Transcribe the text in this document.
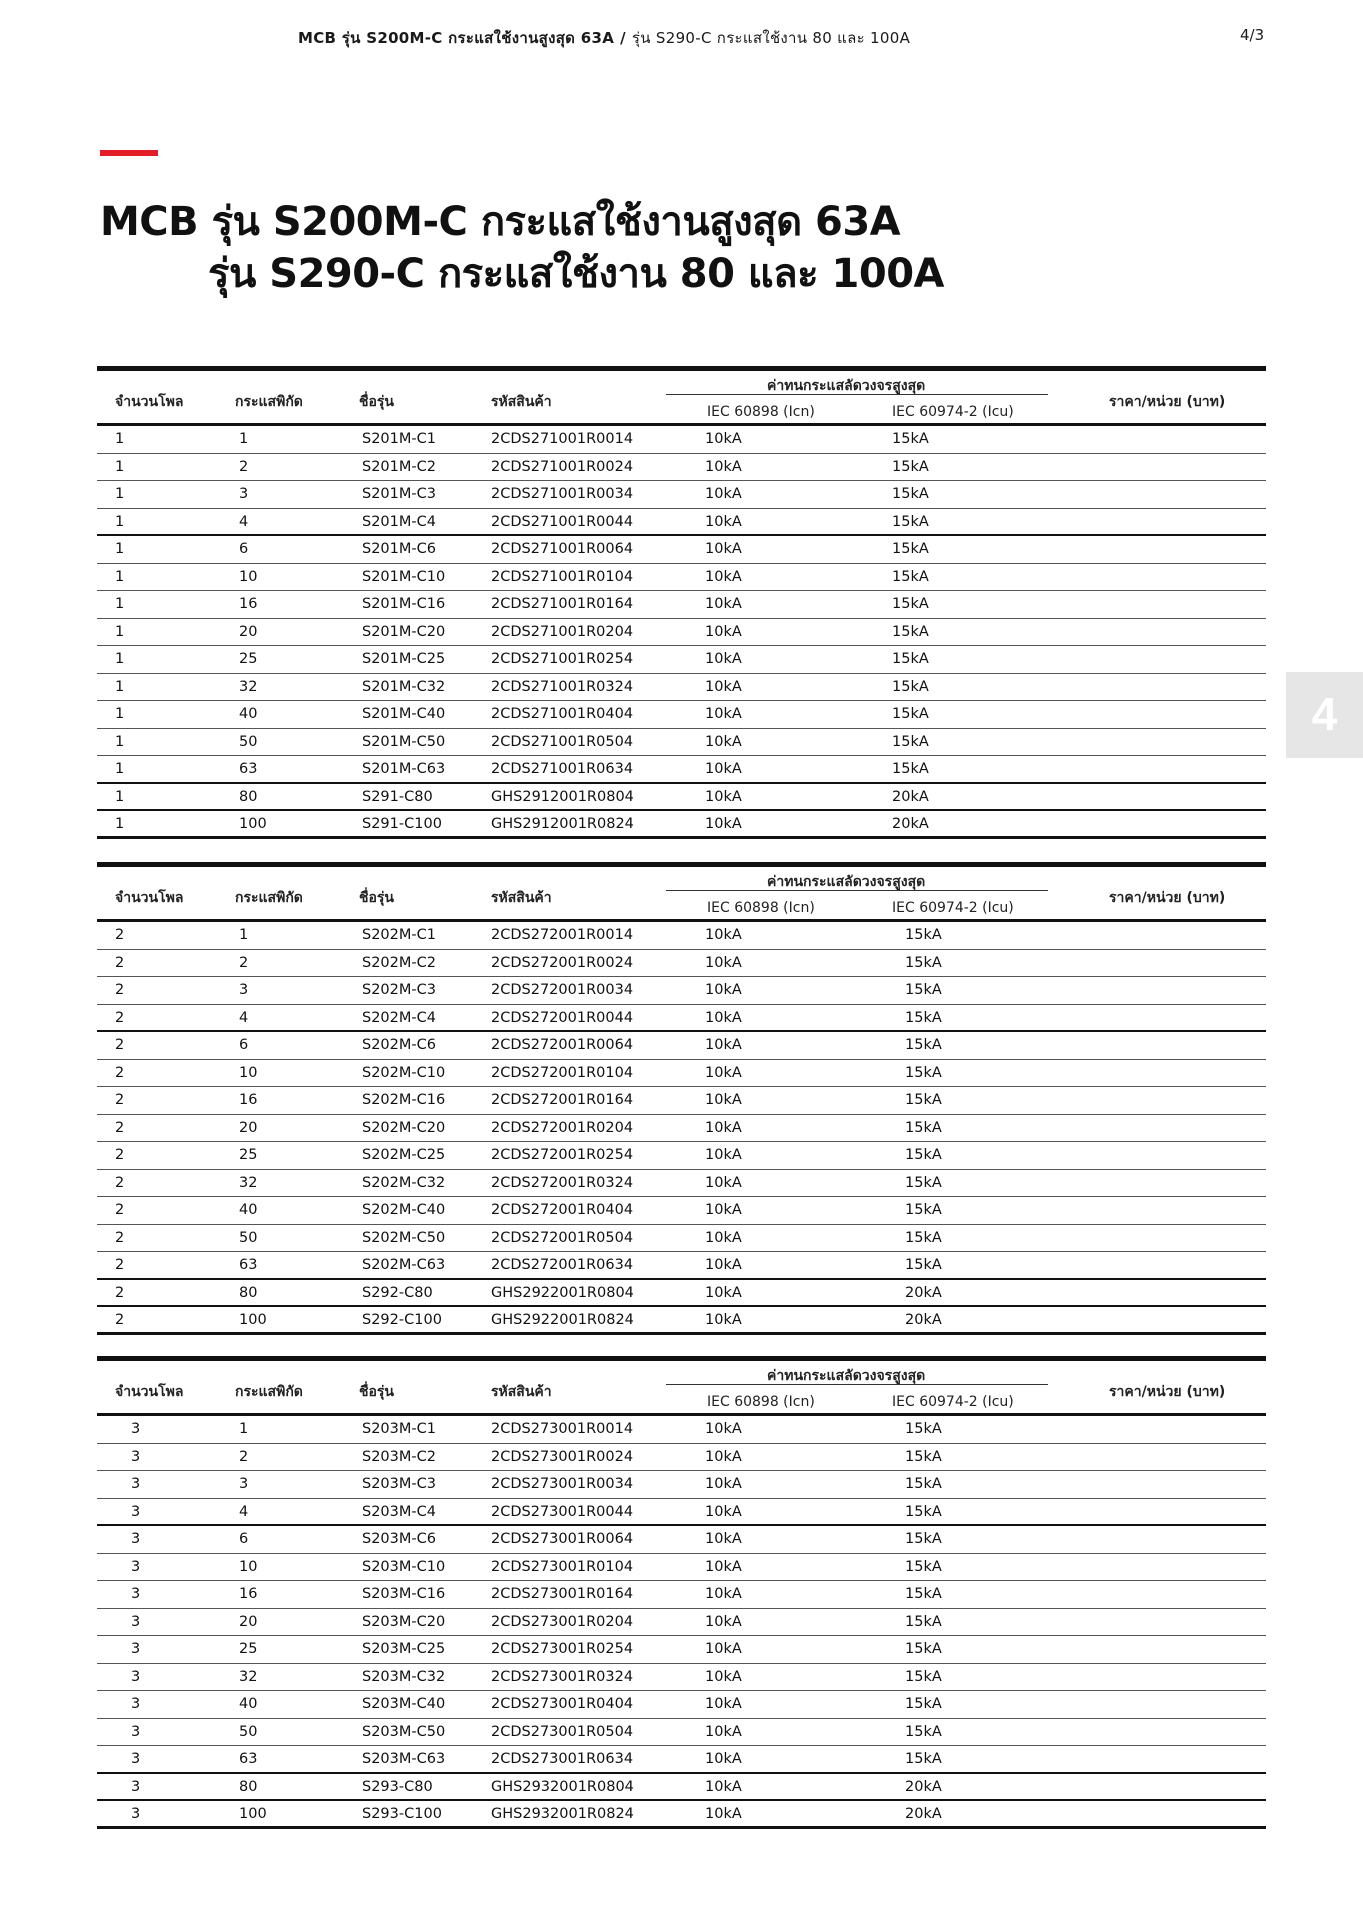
MCB รุ่น S200M-C กระแสใช้งานสูงสุด 63A / รุ่น S290-C กระแสใช้งาน 80 และ 100A	4/3
MCB รุ่น S200M-C กระแสใช้งานสูงสุด 63A
รุ่น S290-C กระแสใช้งาน 80 และ 100A
4
จำนวนโพล	กระแสพิกัด	ชื่อรุ่น	รหัสสินค้า
ค่าทนกระแสลัดวงจรสูงสุด
IEC 60898 (Icn)	IEC 60974-2 (Icu)
ราคา/หน่วย (บาท)
1	1	S201M-C1	2CDS271001R0014	10kA	15kA
1	2	S201M-C2	2CDS271001R0024	10kA	15kA
1	3	S201M-C3	2CDS271001R0034	10kA	15kA
1	4	S201M-C4	2CDS271001R0044	10kA	15kA
1	6	S201M-C6	2CDS271001R0064	10kA	15kA
1	10	S201M-C10	2CDS271001R0104	10kA	15kA
1	16	S201M-C16	2CDS271001R0164	10kA	15kA
1	20	S201M-C20	2CDS271001R0204	10kA	15kA
1	25	S201M-C25	2CDS271001R0254	10kA	15kA
1	32	S201M-C32	2CDS271001R0324	10kA	15kA
1	40	S201M-C40	2CDS271001R0404	10kA	15kA
1	50	S201M-C50	2CDS271001R0504	10kA	15kA
1	63	S201M-C63	2CDS271001R0634	10kA	15kA
1	80	S291-C80	GHS2912001R0804	10kA	20kA
1	100	S291-C100	GHS2912001R0824	10kA	20kA
จำนวนโพล	กระแสพิกัด	ชื่อรุ่น	รหัสสินค้า
ค่าทนกระแสลัดวงจรสูงสุด
IEC 60898 (Icn)	IEC 60974-2 (Icu)
ราคา/หน่วย (บาท)
2	1	S202M-C1	2CDS272001R0014	10kA	15kA
2	2	S202M-C2	2CDS272001R0024	10kA	15kA
2	3	S202M-C3	2CDS272001R0034	10kA	15kA
2	4	S202M-C4	2CDS272001R0044	10kA	15kA
2	6	S202M-C6	2CDS272001R0064	10kA	15kA
2	10	S202M-C10	2CDS272001R0104	10kA	15kA
2	16	S202M-C16	2CDS272001R0164	10kA	15kA
2	20	S202M-C20	2CDS272001R0204	10kA	15kA
2	25	S202M-C25	2CDS272001R0254	10kA	15kA
2	32	S202M-C32	2CDS272001R0324	10kA	15kA
2	40	S202M-C40	2CDS272001R0404	10kA	15kA
2	50	S202M-C50	2CDS272001R0504	10kA	15kA
2	63	S202M-C63	2CDS272001R0634	10kA	15kA
2	80	S292-C80	GHS2922001R0804	10kA	20kA
2	100	S292-C100	GHS2922001R0824	10kA	20kA
จำนวนโพล	กระแสพิกัด	ชื่อรุ่น	รหัสสินค้า
ค่าทนกระแสลัดวงจรสูงสุด
IEC 60898 (Icn)	IEC 60974-2 (Icu)
ราคา/หน่วย (บาท)
3	1	S203M-C1	2CDS273001R0014	10kA	15kA
3	2	S203M-C2	2CDS273001R0024	10kA	15kA
3	3	S203M-C3	2CDS273001R0034	10kA	15kA
3	4	S203M-C4	2CDS273001R0044	10kA	15kA
3	6	S203M-C6	2CDS273001R0064	10kA	15kA
3	10	S203M-C10	2CDS273001R0104	10kA	15kA
3	16	S203M-C16	2CDS273001R0164	10kA	15kA
3	20	S203M-C20	2CDS273001R0204	10kA	15kA
3	25	S203M-C25	2CDS273001R0254	10kA	15kA
3	32	S203M-C32	2CDS273001R0324	10kA	15kA
3	40	S203M-C40	2CDS273001R0404	10kA	15kA
3	50	S203M-C50	2CDS273001R0504	10kA	15kA
3	63	S203M-C63	2CDS273001R0634	10kA	15kA
3	80	S293-C80	GHS2932001R0804	10kA	20kA
3	100	S293-C100	GHS2932001R0824	10kA	20kA
